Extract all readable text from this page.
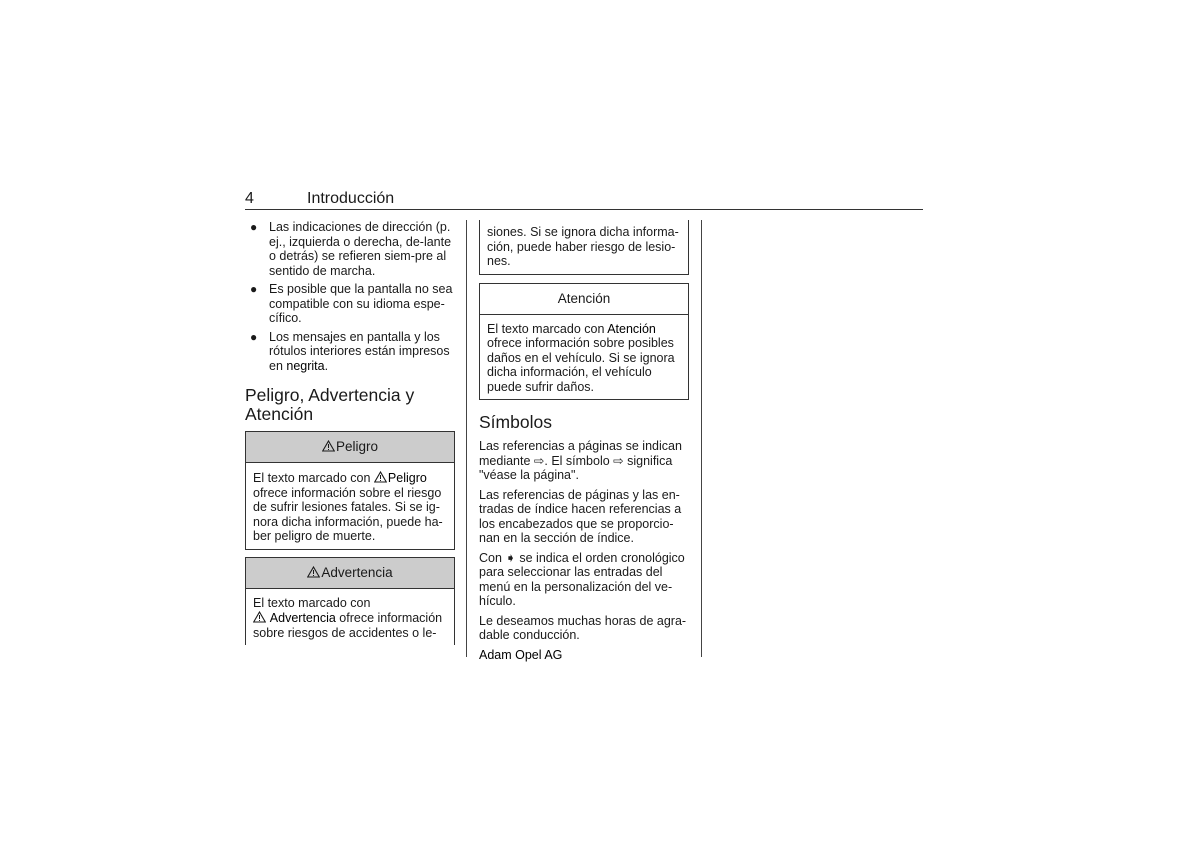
4	Introducción
● Las indicaciones de dirección (p. ej., izquierda o derecha, de-lante o detrás) se refieren siem-pre al sentido de marcha.
● Es posible que la pantalla no sea compatible con su idioma espe-cífico.
● Los mensajes en pantalla y los rótulos interiores están impresos en negrita.
Peligro, Advertencia y Atención
Peligro
El texto marcado con
Peligro ofrece información sobre el riesgo de sufrir lesiones fatales. Si se ig-nora dicha información, puede ha-ber peligro de muerte.
Advertencia
El texto marcado con

Advertencia ofrece información sobre riesgos de accidentes o le-
siones. Si se ignora dicha informa-ción, puede haber riesgo de lesio-nes.
Atención
El texto marcado con Atención ofrece información sobre posibles daños en el vehículo. Si se ignora dicha información, el vehículo puede sufrir daños.
Símbolos

Las referencias a páginas se indican mediante ⇨. El símbolo ⇨ significa "véase la página".

Las referencias de páginas y las en-tradas de índice hacen referencias a los encabezados que se proporcio-nan en la sección de índice.

Con ➧ se indica el orden cronológico para seleccionar las entradas del menú en la personalización del ve-hículo.

Le deseamos muchas horas de agra-dable conducción.

Adam Opel AG
